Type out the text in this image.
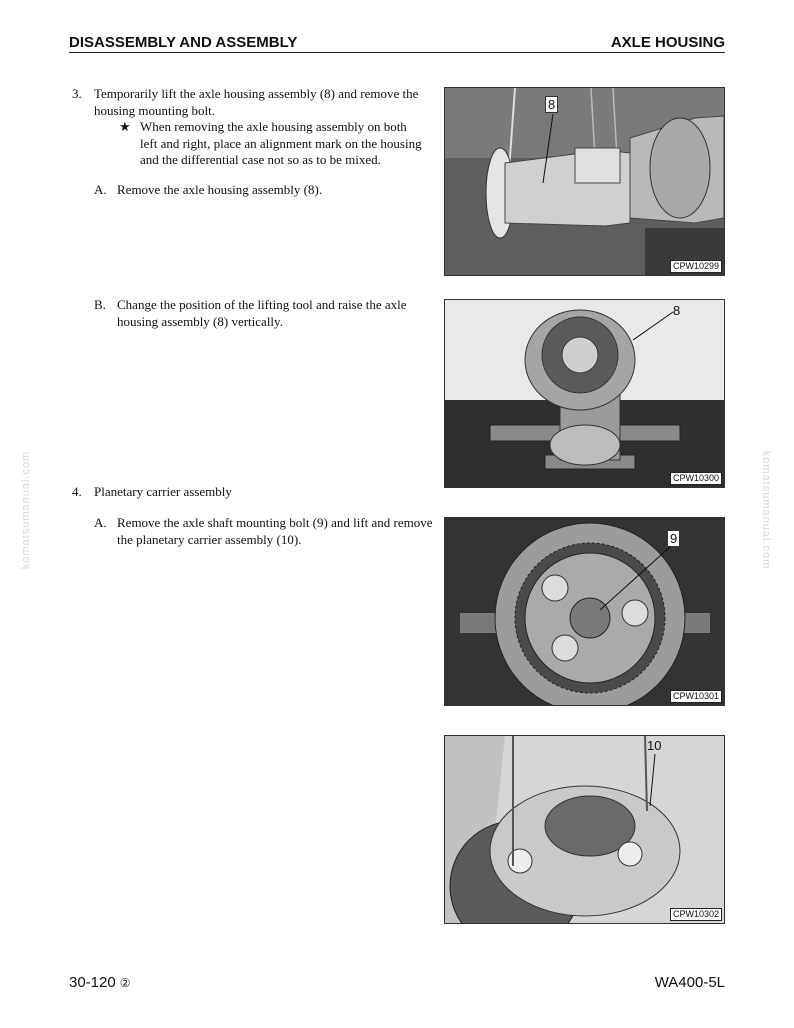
DISASSEMBLY AND ASSEMBLY	AXLE HOUSING
3. Temporarily lift the axle housing assembly (8) and remove the housing mounting bolt.
★ When removing the axle housing assembly on both left and right, place an alignment mark on the housing and the differential case not so as to be mixed.
A. Remove the axle housing assembly (8).
B. Change the position of the lifting tool and raise the axle housing assembly (8) vertically.
4. Planetary carrier assembly
A. Remove the axle shaft mounting bolt (9) and lift and remove the planetary carrier assembly (10).
8
CPW10299
8
CPW10300
9
CPW10301
10
CPW10302
komatsumanual.com	komatsumanual.com
30-120 ②	WA400-5L
